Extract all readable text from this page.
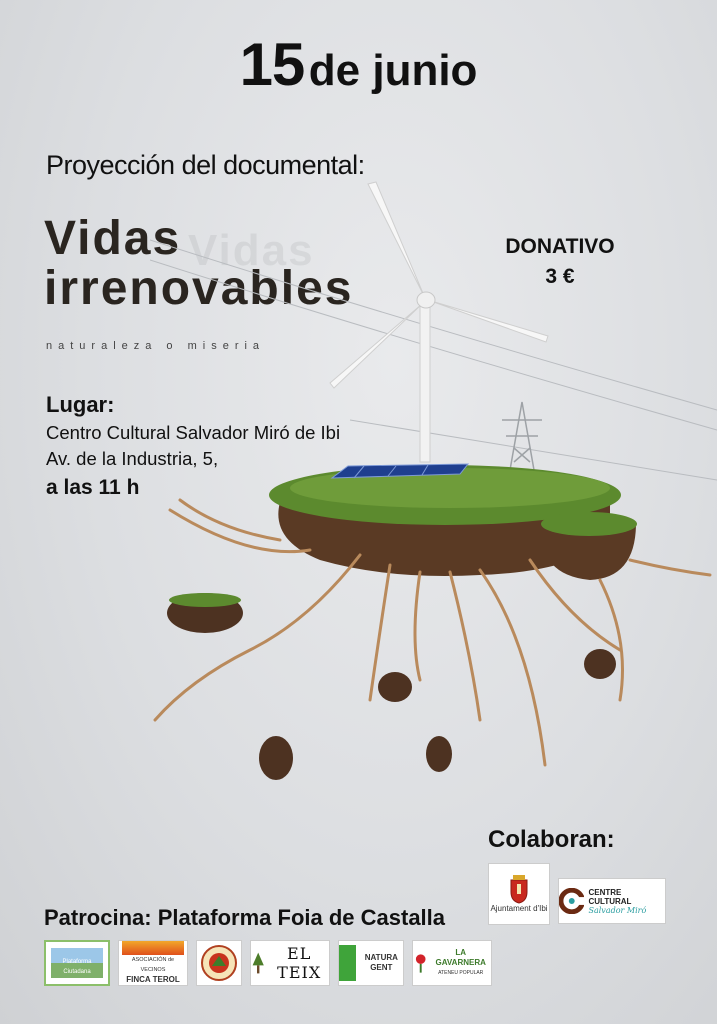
15 de junio
Proyección del documental:
Vidas
Vidas
irrenovables
naturaleza o miseria
DONATIVO
3 €
Lugar:
Centro Cultural Salvador Miró de Ibi
Av. de la Industria, 5,
a las 11 h
Colaboran:
Ajuntament d'Ibi
CENTRE CULTURAL
Salvador Miró
Patrocina: Plataforma Foia de Castalla
Plataforma Ciutadana
ASOCIACIÓN de VECINOS
FINCA TEROL
EL TEIX
NATURA GENT
LA GAVARNERA
ATENEU POPULAR
